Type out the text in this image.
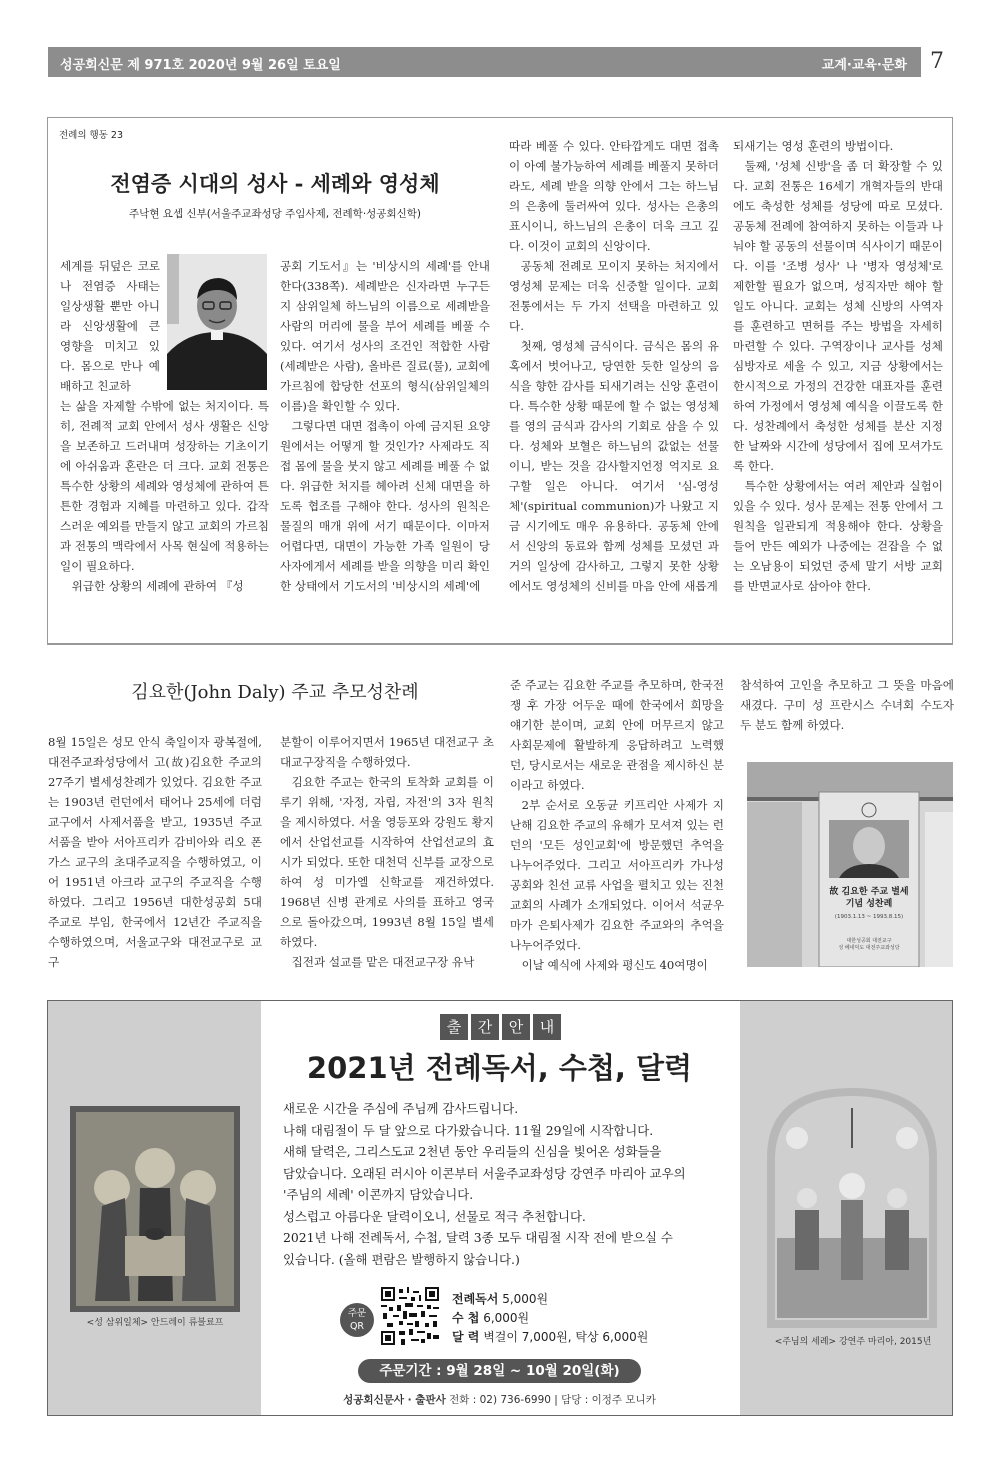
성공회신문 제 971호 2020년 9월 26일 토요일	교계·교육·문화	7
전례의 행동 23
전염증 시대의 성사 - 세례와 영성체
주낙현 요셉 신부(서울주교좌성당 주임사제, 전례학·성공회신학)
세계를 뒤덮은 코로나 전염증 사태는 일상생활 뿐만 아니라 신앙생활에 큰 영향을 미치고 있다. 몸으로 만나 예배하고 친교하
는 삶을 자제할 수밖에 없는 처지이다. 특히, 전례적 교회 안에서 성사 생활은 신앙을 보존하고 드러내며 성장하는 기초이기에 아쉬움과 혼란은 더 크다. 교회 전통은 특수한 상황의 세례와 영성체에 관하여 튼튼한 경험과 지혜를 마련하고 있다. 갑작스러운 예외를 만들지 않고 교회의 가르침과 전통의 맥락에서 사목 현실에 적용하는 일이 필요하다.

위급한 상황의 세례에 관하여 『성

공회 기도서』는 '비상시의 세례'를 안내한다(338쪽). 세례받은 신자라면 누구든지 삼위일체 하느님의 이름으로 세례받을 사람의 머리에 물을 부어 세례를 베풀 수 있다. 여기서 성사의 조건인 적합한 사람(세례받은 사람), 올바른 질료(물), 교회에 가르침에 합당한 선포의 형식(삼위일체의 이름)을 확인할 수 있다.

그렇다면 대면 접촉이 아예 금지된 요양원에서는 어떻게 할 것인가? 사제라도 직접 몸에 물을 붓지 않고 세례를 베풀 수 없다. 위급한 처지를 헤아려 신체 대면을 하도록 협조를 구해야 한다. 성사의 원칙은 물질의 매개 위에 서기 때문이다. 이마저 어렵다면, 대면이 가능한 가족 일원이 당사자에게서 세례를 받을 의향을 미리 확인한 상태에서 기도서의 '비상시의 세례'에

따라 베풀 수 있다. 안타깝게도 대면 접촉이 아예 불가능하여 세례를 베풀지 못하더라도, 세례 받을 의향 안에서 그는 하느님의 은총에 둘러싸여 있다. 성사는 은총의 표시이니, 하느님의 은총이 더욱 크고 깊다. 이것이 교회의 신앙이다.

공동체 전례로 모이지 못하는 처지에서 영성체 문제는 더욱 신중할 일이다. 교회 전통에서는 두 가지 선택을 마련하고 있다.

첫째, 영성체 금식이다. 금식은 몸의 유혹에서 벗어나고, 당연한 듯한 일상의 음식을 향한 감사를 되새기려는 신앙 훈련이다. 특수한 상황 때문에 할 수 없는 영성체를 영의 금식과 감사의 기회로 삼을 수 있다. 성체와 보혈은 하느님의 값없는 선물이니, 받는 것을 감사할지언정 억지로 요구할 일은 아니다. 여기서 '심-영성체'(spiritual communion)가 나왔고 지금 시기에도 매우 유용하다. 공동체 안에서 신앙의 동료와 함께 성체를 모셨던 과거의 일상에 감사하고, 그렇지 못한 상황에서도 영성체의 신비를 마음 안에 새롭게

되새기는 영성 훈련의 방법이다.

둘째, '성체 신방'을 좀 더 확장할 수 있다. 교회 전통은 16세기 개혁자들의 반대에도 축성한 성체를 성당에 따로 모셨다. 공동체 전례에 참여하지 못하는 이들과 나눠야 할 공동의 선물이며 식사이기 때문이다. 이를 '조병 성사' 나 '병자 영성체'로 제한할 필요가 없으며, 성직자만 해야 할 일도 아니다. 교회는 성체 신방의 사역자를 훈련하고 면허를 주는 방법을 자세히 마련할 수 있다. 구역장이나 교사를 성체 심방자로 세울 수 있고, 지금 상황에서는 한시적으로 가정의 건강한 대표자를 훈련하여 가정에서 영성체 예식을 이끌도록 한다. 성찬례에서 축성한 성체를 분산 지정한 날짜와 시간에 성당에서 집에 모셔가도록 한다.

특수한 상황에서는 여러 제안과 실험이 있을 수 있다. 성사 문제는 전통 안에서 그 원칙을 일관되게 적용해야 한다. 상황을 들어 만든 예외가 나중에는 걷잡을 수 없는 오남용이 되었던 중세 말기 서방 교회를 반면교사로 삼아야 한다.

김요한(John Daly) 주교 추모성찬례
8월 15일은 성모 안식 축일이자 광복절에, 대전주교좌성당에서 고(故)김요한 주교의 27주기 별세성찬례가 있었다. 김요한 주교는 1903년 런던에서 태어나 25세에 더럼교구에서 사제서품을 받고, 1935년 주교서품을 받아 서아프리카 감비아와 리오 폰가스 교구의 초대주교직을 수행하였고, 이어 1951년 아크라 교구의 주교직을 수행하였다. 그리고 1956년 대한성공회 5대 주교로 부임, 한국에서 12년간 주교직을 수행하였으며, 서울교구와 대전교구로 교구
분할이 이루어지면서 1965년 대전교구 초대교구장직을 수행하였다.

김요한 주교는 한국의 토착화 교회를 이루기 위해, '자정, 자립, 자전'의 3자 원칙을 제시하였다. 서울 영등포와 강원도 황지에서 산업선교를 시작하여 산업선교의 효시가 되었다. 또한 대천덕 신부를 교장으로 하여 성 미가엘 신학교를 재건하였다. 1968년 신병 관계로 사의를 표하고 영국으로 돌아갔으며, 1993년 8월 15일 별세하였다.

집전과 설교를 맡은 대전교구장 유낙

준 주교는 김요한 주교를 추모하며, 한국전쟁 후 가장 어두운 때에 한국에서 희망을 얘기한 분이며, 교회 안에 머무르지 않고 사회문제에 활발하게 응답하려고 노력했던, 당시로서는 새로운 관점을 제시하신 분이라고 하였다.

2부 순서로 오동균 키프리안 사제가 지난해 김요한 주교의 유해가 모셔져 있는 런던의 '모든 성인교회'에 방문했던 추억을 나누어주었다. 그리고 서아프리카 가나성공회와 친선 교류 사업을 펼치고 있는 진천교회의 사례가 소개되었다. 이어서 석균우 마가 은퇴사제가 김요한 주교와의 추억을 나누어주었다.

이날 예식에 사제와 평신도 40여명이

참석하여 고인을 추모하고 그 뜻을 마음에 새겼다. 구미 성 프란시스 수녀회 수도자 두 분도 함께 하였다.
故 김요한 주교 별세 기념 성찬례
(1903.1.13 ~ 1993.8.15)
대한성공회 대전교구
성 베네딕도 대전주교좌성당
<성 삼위일체> 안드레이 류블료프
<주님의 세례> 강연주 마리아, 2015년
출	간	안	내
2021년 전례독서, 수첩, 달력
새로운 시간을 주심에 주님께 감사드립니다.
나해 대림절이 두 달 앞으로 다가왔습니다. 11월 29일에 시작합니다.
새해 달력은, 그리스도교 2천년 동안 우리들의 신심을 빛어온 성화들을
담았습니다. 오래된 러시아 이콘부터 서울주교좌성당 강연주 마리아 교우의
'주님의 세례' 이콘까지 담았습니다.
성스럽고 아름다운 달력이오니, 선물로 적극 추천합니다.
2021년 나해 전례독서, 수첩, 달력 3종 모두 대림절 시작 전에 받으실 수
있습니다. (올해 편람은 발행하지 않습니다.)
주문
QR
전례독서 5,000원
수 첩 6,000원
달 력 벽걸이 7,000원, 탁상 6,000원
주문기간 : 9월 28일 ~ 10월 20일(화)
성공회신문사 · 출판사 전화 : 02) 736-6990 | 담당 : 이정주 모니카
